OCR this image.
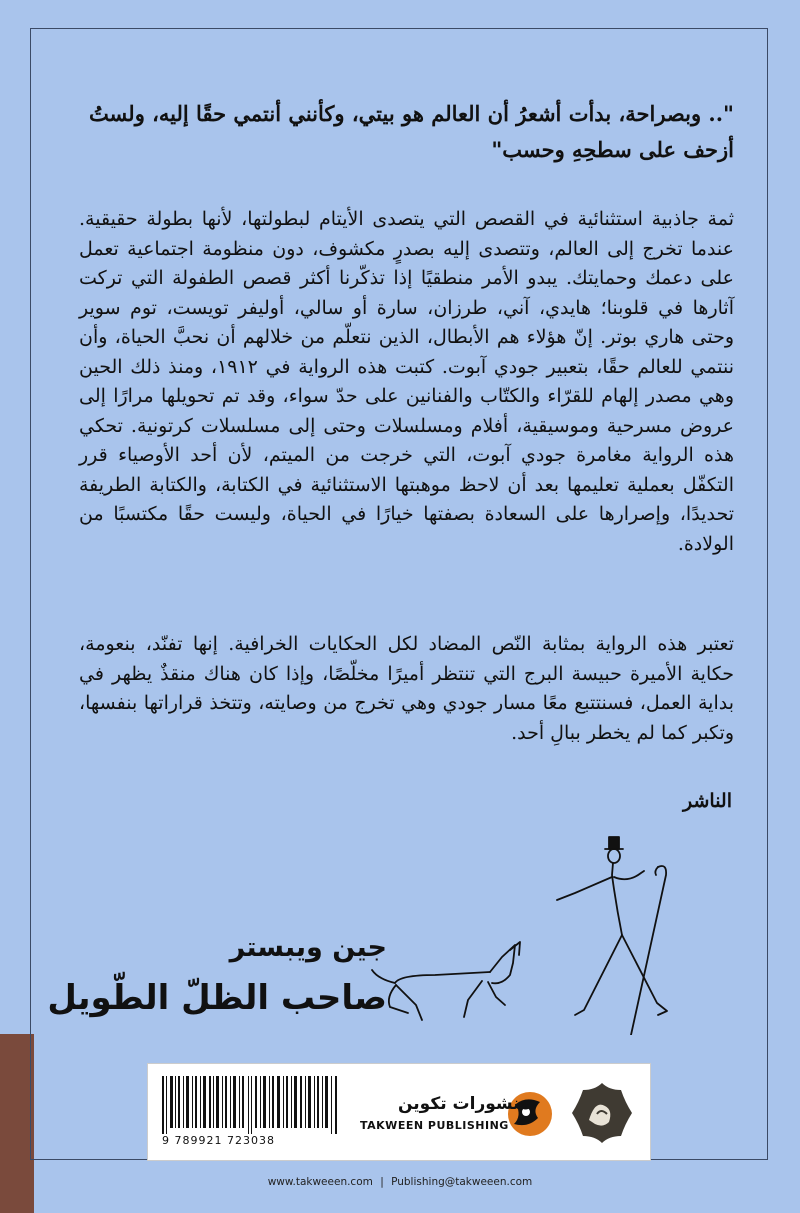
".. وبصراحة، بدأت أشعرُ أن العالم هو بيتي، وكأنني أنتمي حقًا إليه، ولستُ أزحف على سطحِهِ وحسب"
ثمة جاذبية استثنائية في القصص التي يتصدى الأيتام لبطولتها، لأنها بطولة حقيقية. عندما تخرج إلى العالم، وتتصدى إليه بصدرٍ مكشوف، دون منظومة اجتماعية تعمل على دعمك وحمايتك. يبدو الأمر منطقيًا إذا تذكّرنا أكثر قصص الطفولة التي تركت آثارها في قلوبنا؛ هايدي، آني، طرزان، سارة أو سالي، أوليفر تويست، توم سوير وحتى هاري بوتر. إنّ هؤلاء هم الأبطال، الذين نتعلّم من خلالهم أن نحبَّ الحياة، وأن ننتمي للعالم حقًا، بتعبير جودي آبوت. كتبت هذه الرواية في ١٩١٢، ومنذ ذلك الحين وهي مصدر إلهام للقرّاء والكتّاب والفنانين على حدّ سواء، وقد تم تحويلها مرارًا إلى عروض مسرحية وموسيقية، أفلام ومسلسلات وحتى إلى مسلسلات كرتونية. تحكي هذه الرواية مغامرة جودي آبوت، التي خرجت من الميتم، لأن أحد الأوصياء قرر التكفّل بعملية تعليمها بعد أن لاحظ موهبتها الاستثنائية في الكتابة، والكتابة الطريفة تحديدًا، وإصرارها على السعادة بصفتها خيارًا في الحياة، وليست حقًا مكتسبًا من الولادة.
تعتبر هذه الرواية بمثابة النّص المضاد لكل الحكايات الخرافية. إنها تفنّد، بنعومة، حكاية الأميرة حبيسة البرج التي تنتظر أميرًا مخلّصًا، وإذا كان هناك منقذٌ يظهر في بداية العمل، فسنتتبع معًا مسار جودي وهي تخرج من وصايته، وتتخذ قراراتها بنفسها، وتكبر كما لم يخطر ببالِ أحد.
الناشر
جين ويبستر
صاحب الظلّ الطّويل
9 789921 723038
منشورات تكوين
TAKWEEN PUBLISHING
www.takweeen.com | Publishing@takweeen.com
